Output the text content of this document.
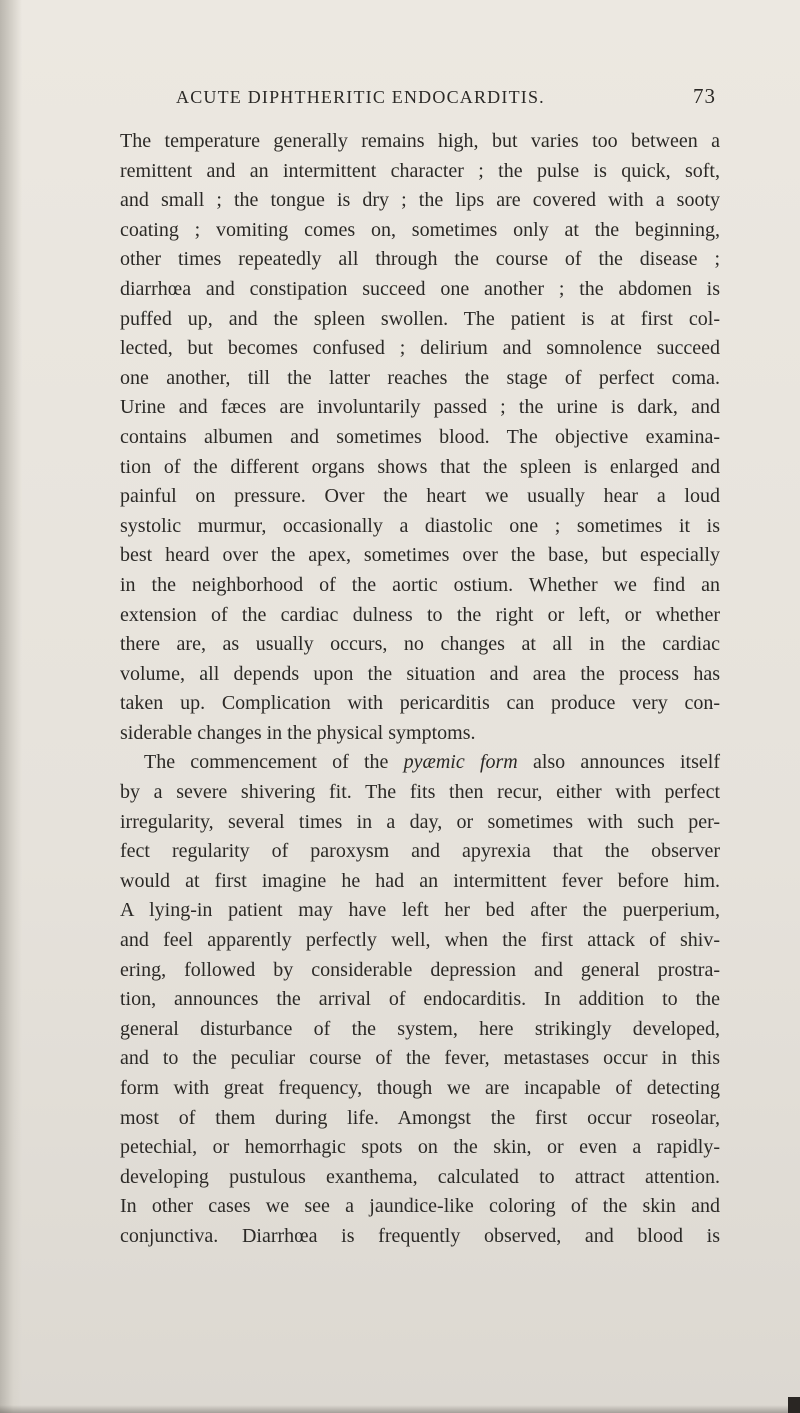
ACUTE DIPHTHERITIC ENDOCARDITIS.	73
The temperature generally remains high, but varies too between a
remittent and an intermittent character ; the pulse is quick, soft,
and small ; the tongue is dry ; the lips are covered with a sooty
coating ; vomiting comes on, sometimes only at the beginning,
other times repeatedly all through the course of the disease ;
diarrhœa and constipation succeed one another ; the abdomen is
puffed up, and the spleen swollen. The patient is at first col-
lected, but becomes confused ; delirium and somnolence succeed
one another, till the latter reaches the stage of perfect coma.
Urine and fæces are involuntarily passed ; the urine is dark, and
contains albumen and sometimes blood. The objective examina-
tion of the different organs shows that the spleen is enlarged and
painful on pressure. Over the heart we usually hear a loud
systolic murmur, occasionally a diastolic one ; sometimes it is
best heard over the apex, sometimes over the base, but especially
in the neighborhood of the aortic ostium. Whether we find an
extension of the cardiac dulness to the right or left, or whether
there are, as usually occurs, no changes at all in the cardiac
volume, all depends upon the situation and area the process has
taken up. Complication with pericarditis can produce very con-
siderable changes in the physical symptoms.
The commencement of the pyæmic form also announces itself
by a severe shivering fit. The fits then recur, either with perfect
irregularity, several times in a day, or sometimes with such per-
fect regularity of paroxysm and apyrexia that the observer
would at first imagine he had an intermittent fever before him.
A lying-in patient may have left her bed after the puerperium,
and feel apparently perfectly well, when the first attack of shiv-
ering, followed by considerable depression and general prostra-
tion, announces the arrival of endocarditis. In addition to the
general disturbance of the system, here strikingly developed,
and to the peculiar course of the fever, metastases occur in this
form with great frequency, though we are incapable of detecting
most of them during life. Amongst the first occur roseolar,
petechial, or hemorrhagic spots on the skin, or even a rapidly-
developing pustulous exanthema, calculated to attract attention.
In other cases we see a jaundice-like coloring of the skin and
conjunctiva. Diarrhœa is frequently observed, and blood is
